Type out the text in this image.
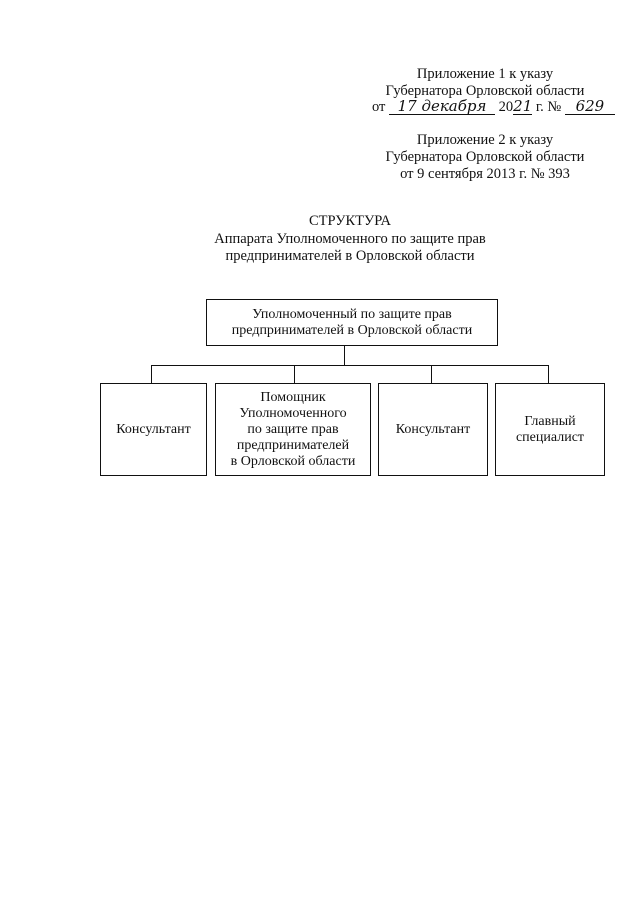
Приложение 1 к указу
Губернатора Орловской области
от 17 декабря 2021 г. № 629
Приложение 2 к указу
Губернатора Орловской области
от 9 сентября 2013 г. № 393
СТРУКТУРА
Аппарата Уполномоченного по защите прав
предпринимателей в Орловской области
Уполномоченный по защите прав
предпринимателей в Орловской области
Консультант
Помощник
Уполномоченного
по защите прав
предпринимателей
в Орловской области
Консультант
Главный
специалист
